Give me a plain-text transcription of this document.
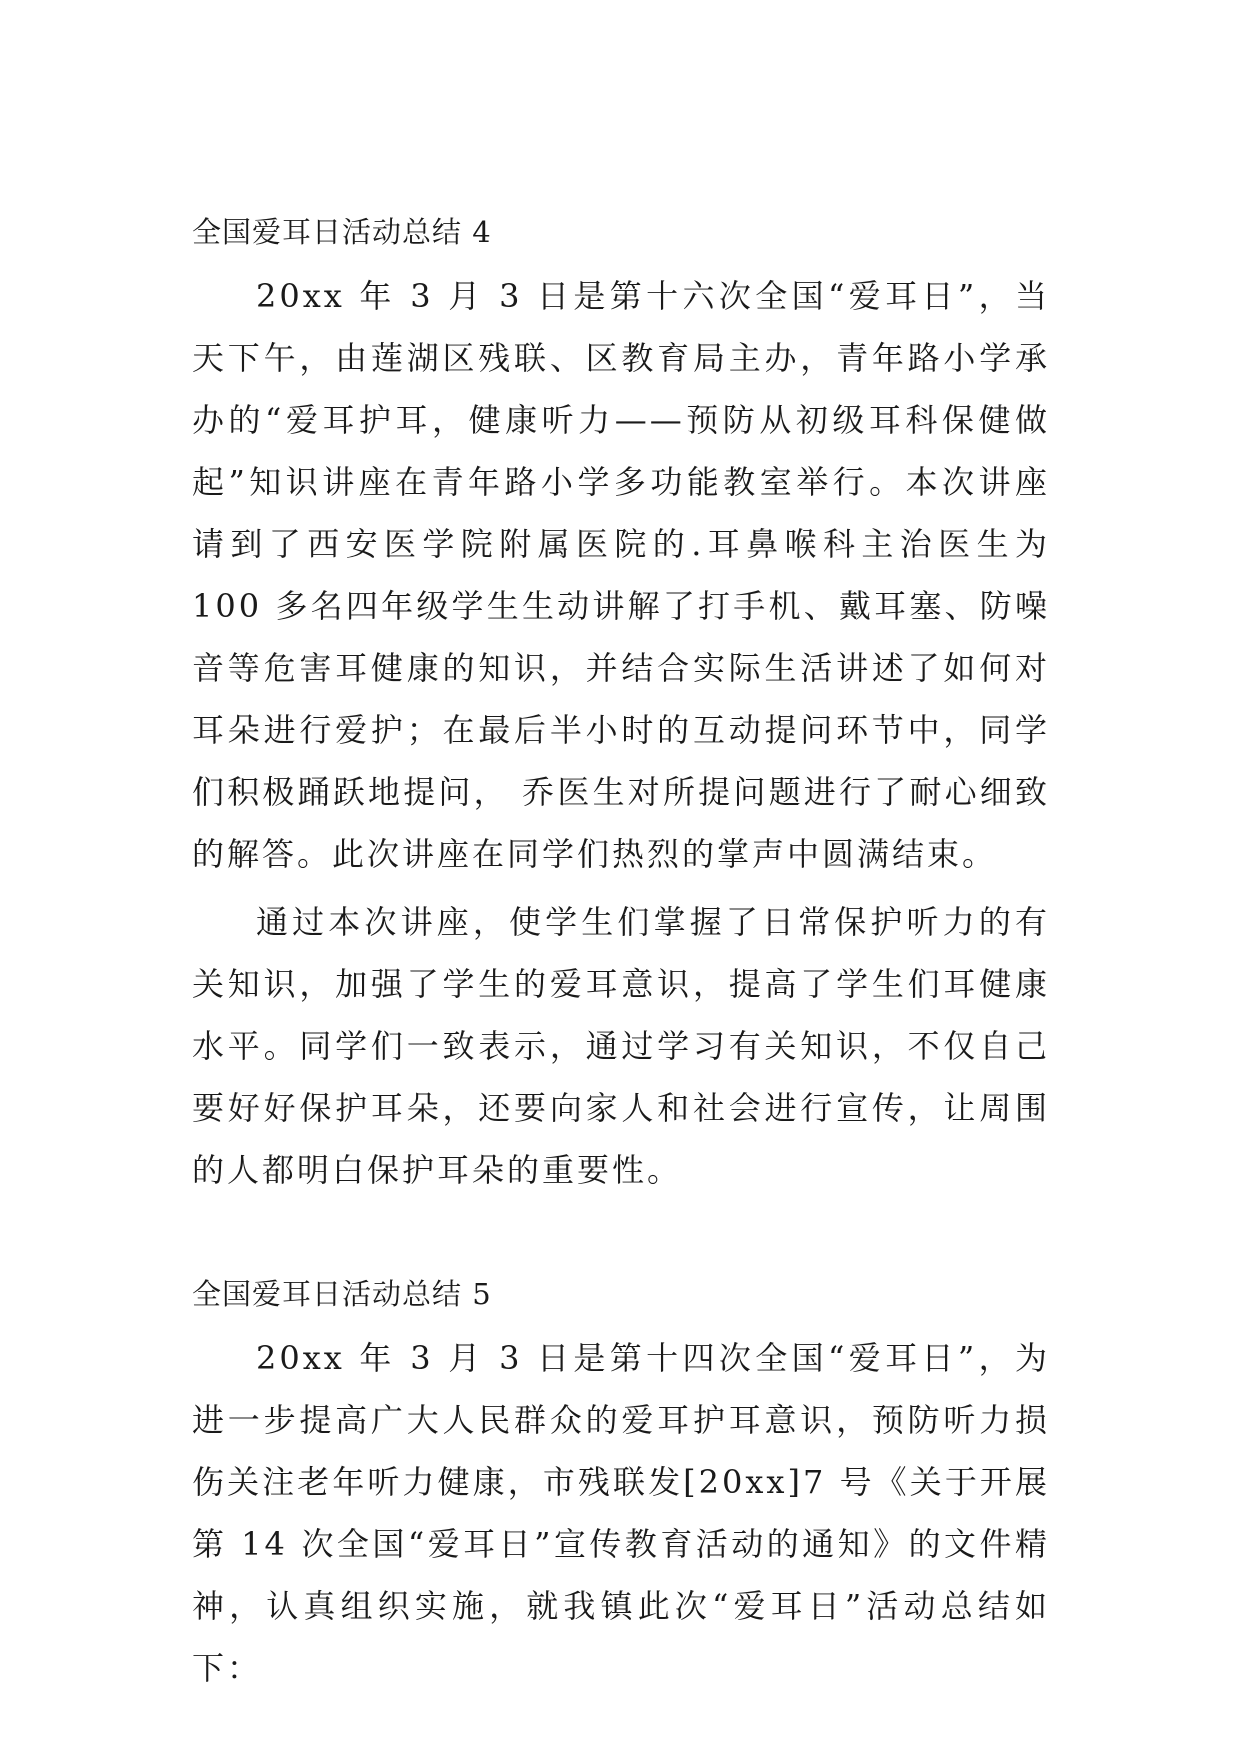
全国爱耳日活动总结 4

20xx 年 3 月 3 日是第十六次全国“爱耳日”，当天下午，由莲湖区残联、区教育局主办，青年路小学承办的“爱耳护耳，健康听力——预防从初级耳科保健做起”知识讲座在青年路小学多功能教室举行。本次讲座请到了西安医学院附属医院的.耳鼻喉科主治医生为 100 多名四年级学生生动讲解了打手机、戴耳塞、防噪音等危害耳健康的知识，并结合实际生活讲述了如何对耳朵进行爱护；在最后半小时的互动提问环节中，同学们积极踊跃地提问， 乔医生对所提问题进行了耐心细致的解答。此次讲座在同学们热烈的掌声中圆满结束。

通过本次讲座，使学生们掌握了日常保护听力的有关知识，加强了学生的爱耳意识，提高了学生们耳健康水平。同学们一致表示，通过学习有关知识，不仅自己要好好保护耳朵，还要向家人和社会进行宣传，让周围的人都明白保护耳朵的重要性。

全国爱耳日活动总结 5

20xx 年 3 月 3 日是第十四次全国“爱耳日”，为进一步提高广大人民群众的爱耳护耳意识，预防听力损伤关注老年听力健康，市残联发[20xx]7 号《关于开展第 14 次全国“爱耳日”宣传教育活动的通知》的文件精神，认真组织实施，就我镇此次“爱耳日”活动总结如下：
